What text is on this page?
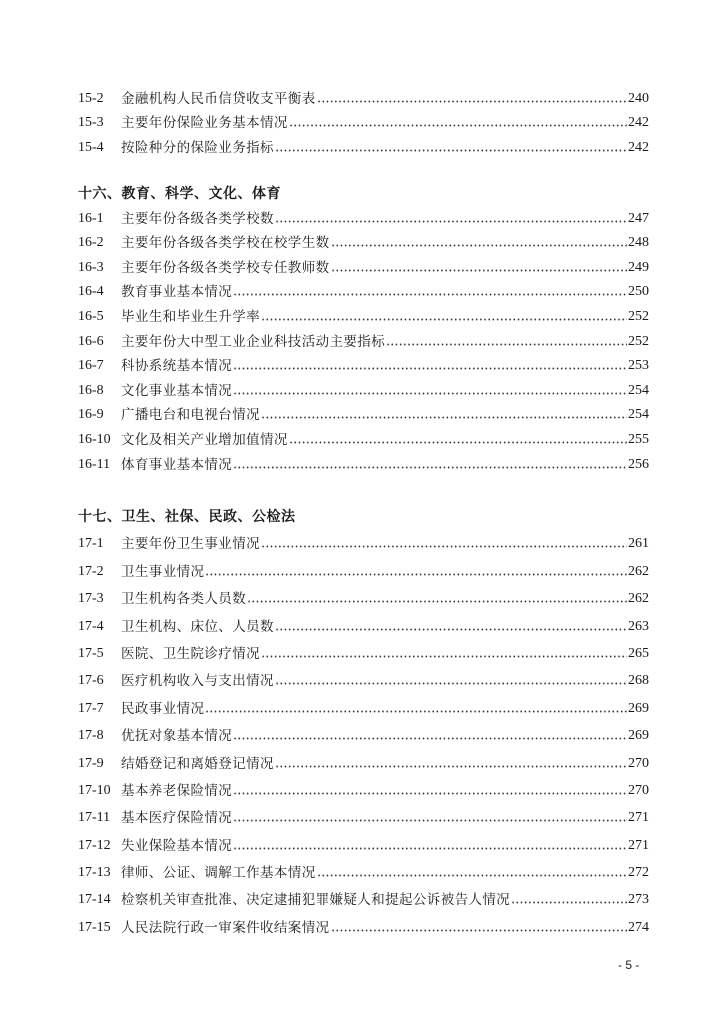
15-2	金融机构人民币信贷收支平衡表	240
15-3	主要年份保险业务基本情况	242
15-4	按险种分的保险业务指标	242
十六、教育、科学、文化、体育
16-1	主要年份各级各类学校数	247
16-2	主要年份各级各类学校在校学生数	248
16-3	主要年份各级各类学校专任教师数	249
16-4	教育事业基本情况	250
16-5	毕业生和毕业生升学率	252
16-6	主要年份大中型工业企业科技活动主要指标	252
16-7	科协系统基本情况	253
16-8	文化事业基本情况	254
16-9	广播电台和电视台情况	254
16-10 文化及相关产业增加值情况	255
16-11 体育事业基本情况	256
十七、卫生、社保、民政、公检法
17-1	主要年份卫生事业情况	261
17-2	卫生事业情况	262
17-3	卫生机构各类人员数	262
17-4	卫生机构、床位、人员数	263
17-5	医院、卫生院诊疗情况	265
17-6	医疗机构收入与支出情况	268
17-7	民政事业情况	269
17-8	优抚对象基本情况	269
17-9	结婚登记和离婚登记情况	270
17-10 基本养老保险情况	270
17-11 基本医疗保险情况	271
17-12 失业保险基本情况	271
17-13 律师、公证、调解工作基本情况	272
17-14 检察机关审查批准、决定逮捕犯罪嫌疑人和提起公诉被告人情况	273
17-15 人民法院行政一审案件收结案情况	274
- 5 -
